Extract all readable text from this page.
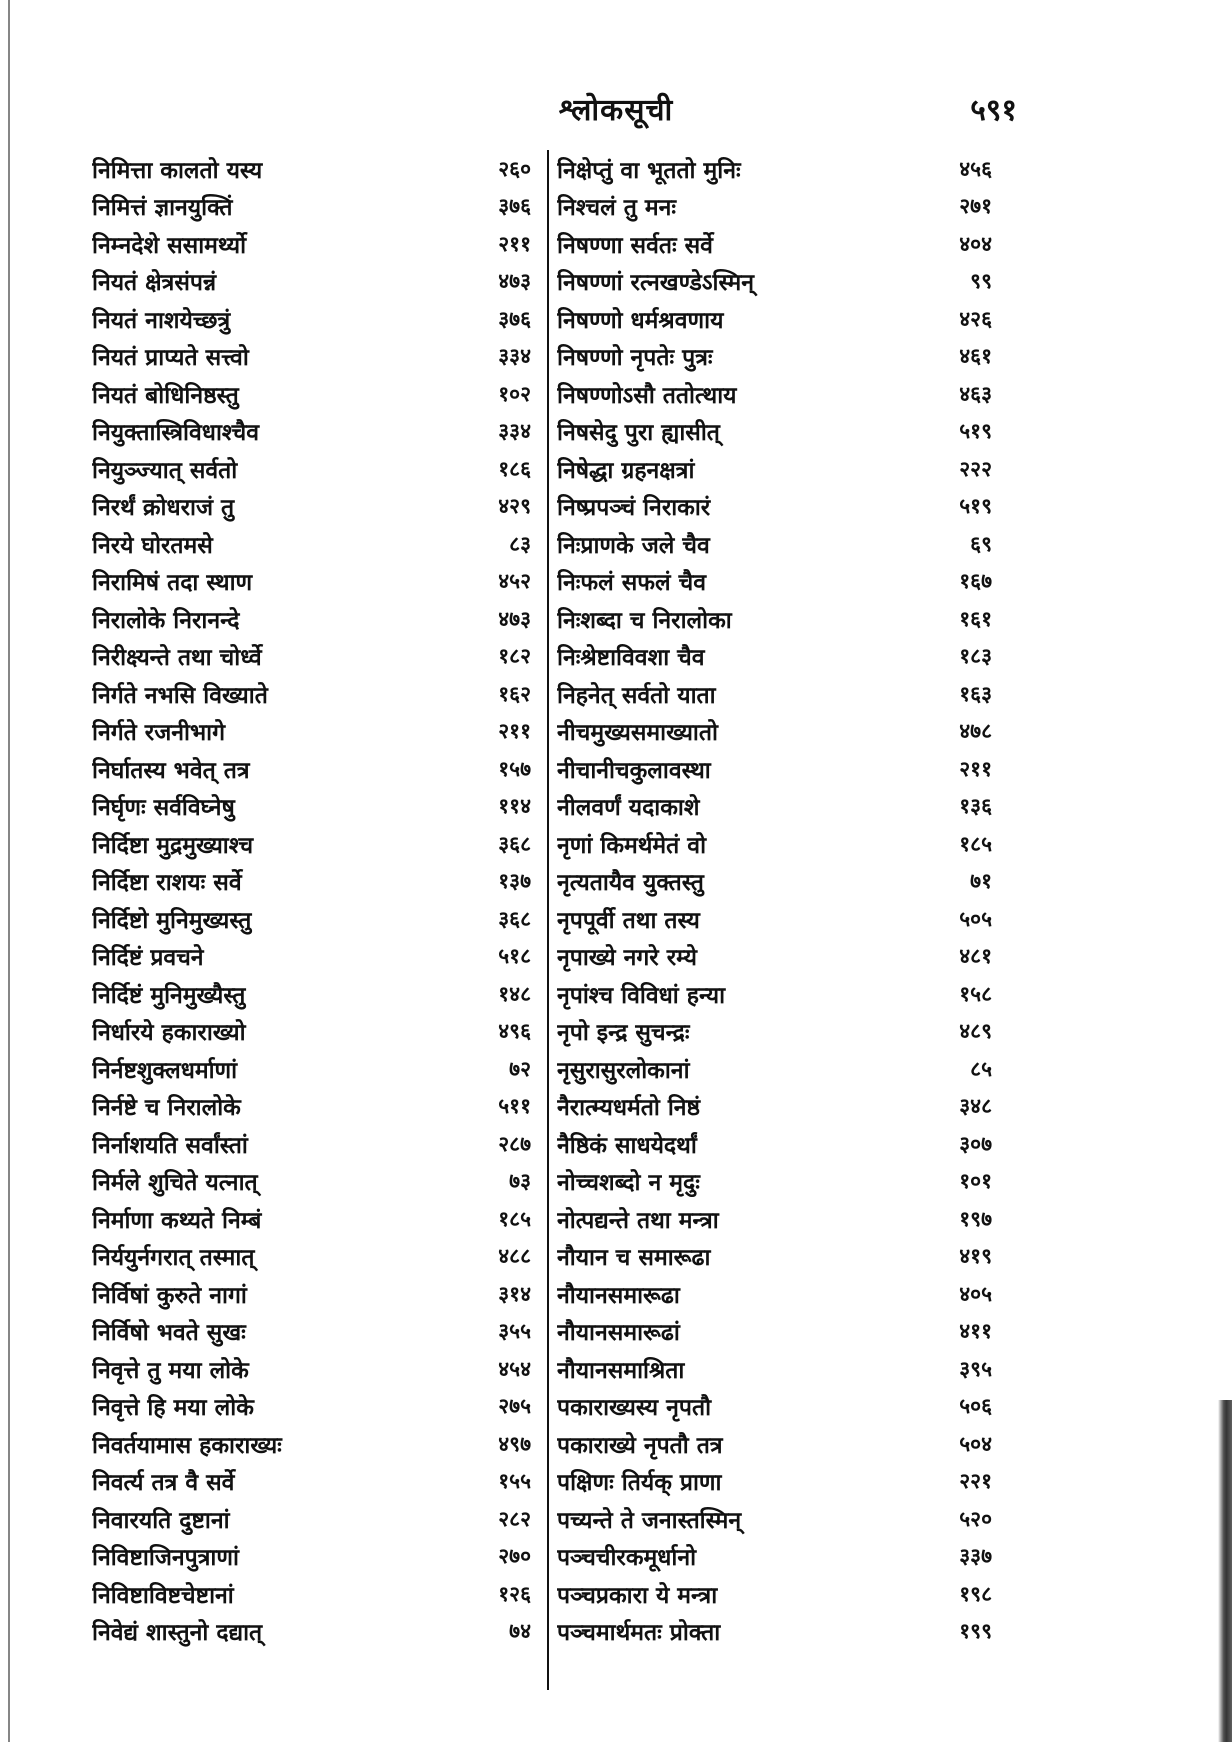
श्लोकसूची	५९१
निमित्ता कालतो यस्य	२६०
निमित्तं ज्ञानयुक्तिं	३७६
निम्नदेशे ससामर्थ्यो	२११
नियतं क्षेत्रसंपन्नं	४७३
नियतं नाशयेच्छत्रुं	३७६
नियतं प्राप्यते सत्त्वो	३३४
नियतं बोधिनिष्ठस्तु	१०२
नियुक्तास्त्रिविधाश्चैव	३३४
नियुञ्ज्यात् सर्वतो	१८६
निरर्थं क्रोधराजं तु	४२९
निरये घोरतमसे	८३
निरामिषं तदा स्थाण	४५२
निरालोके निरानन्दे	४७३
निरीक्ष्यन्ते तथा चोर्ध्वे	१८२
निर्गते नभसि विख्याते	१६२
निर्गते रजनीभागे	२११
निर्घातस्य भवेत् तत्र	१५७
निर्घृणः सर्वविघ्नेषु	११४
निर्दिष्टा मुद्रमुख्याश्च	३६८
निर्दिष्टा राशयः सर्वे	१३७
निर्दिष्टो मुनिमुख्यस्तु	३६८
निर्दिष्टं प्रवचने	५१८
निर्दिष्टं मुनिमुख्यैस्तु	१४८
निर्धारये हकाराख्यो	४९६
निर्नष्टशुक्लधर्माणां	७२
निर्नष्टे च निरालोके	५११
निर्नाशयति सर्वांस्तां	२८७
निर्मले शुचिते यत्नात्	७३
निर्माणा कथ्यते निम्बं	१८५
निर्ययुर्नगरात् तस्मात्	४८८
निर्विषां कुरुते नागां	३१४
निर्विषो भवते सुखः	३५५
निवृत्ते तु मया लोके	४५४
निवृत्ते हि मया लोके	२७५
निवर्तयामास हकाराख्यः	४९७
निवर्त्य तत्र वै सर्वे	१५५
निवारयति दुष्टानां	२८२
निविष्टाजिनपुत्राणां	२७०
निविष्टाविष्टचेष्टानां	१२६
निवेद्यं शास्तुनो दद्यात्	७४
निक्षेप्तुं वा भूततो मुनिः	४५६
निश्चलं तु मनः	२७१
निषण्णा सर्वतः सर्वे	४०४
निषण्णां रत्नखण्डेऽस्मिन्	९९
निषण्णो धर्मश्रवणाय	४२६
निषण्णो नृपतेः पुत्रः	४६१
निषण्णोऽसौ ततोत्थाय	४६३
निषसेदु पुरा ह्यासीत्	५१९
निषेद्धा ग्रहनक्षत्रां	२२२
निष्प्रपञ्चं निराकारं	५१९
निःप्राणके जले चैव	६९
निःफलं सफलं चैव	१६७
निःशब्दा च निरालोका	१६१
निःश्रेष्टाविवशा चैव	१८३
निहनेत् सर्वतो याता	१६३
नीचमुख्यसमाख्यातो	४७८
नीचानीचकुलावस्था	२११
नीलवर्णं यदाकाशे	१३६
नृणां किमर्थमेतं वो	१८५
नृत्यतायैव युक्तस्तु	७१
नृपपूर्वी तथा तस्य	५०५
नृपाख्ये नगरे रम्ये	४८१
नृपांश्च विविधां हन्या	१५८
नृपो इन्द्र सुचन्द्रः	४८९
नृसुरासुरलोकानां	८५
नैरात्म्यधर्मतो निष्ठं	३४८
नैष्ठिकं साधयेदर्थां	३०७
नोच्चशब्दो न मृदुः	१०१
नोत्पद्यन्ते तथा मन्त्रा	१९७
नौयान च समारूढा	४१९
नौयानसमारूढा	४०५
नौयानसमारूढां	४११
नौयानसमाश्रिता	३९५
पकाराख्यस्य नृपतौ	५०६
पकाराख्ये नृपतौ तत्र	५०४
पक्षिणः तिर्यक् प्राणा	२२१
पच्यन्ते ते जनास्तस्मिन्	५२०
पञ्चचीरकमूर्धानो	३३७
पञ्चप्रकारा ये मन्त्रा	१९८
पञ्चमार्थमतः प्रोक्ता	१९९
